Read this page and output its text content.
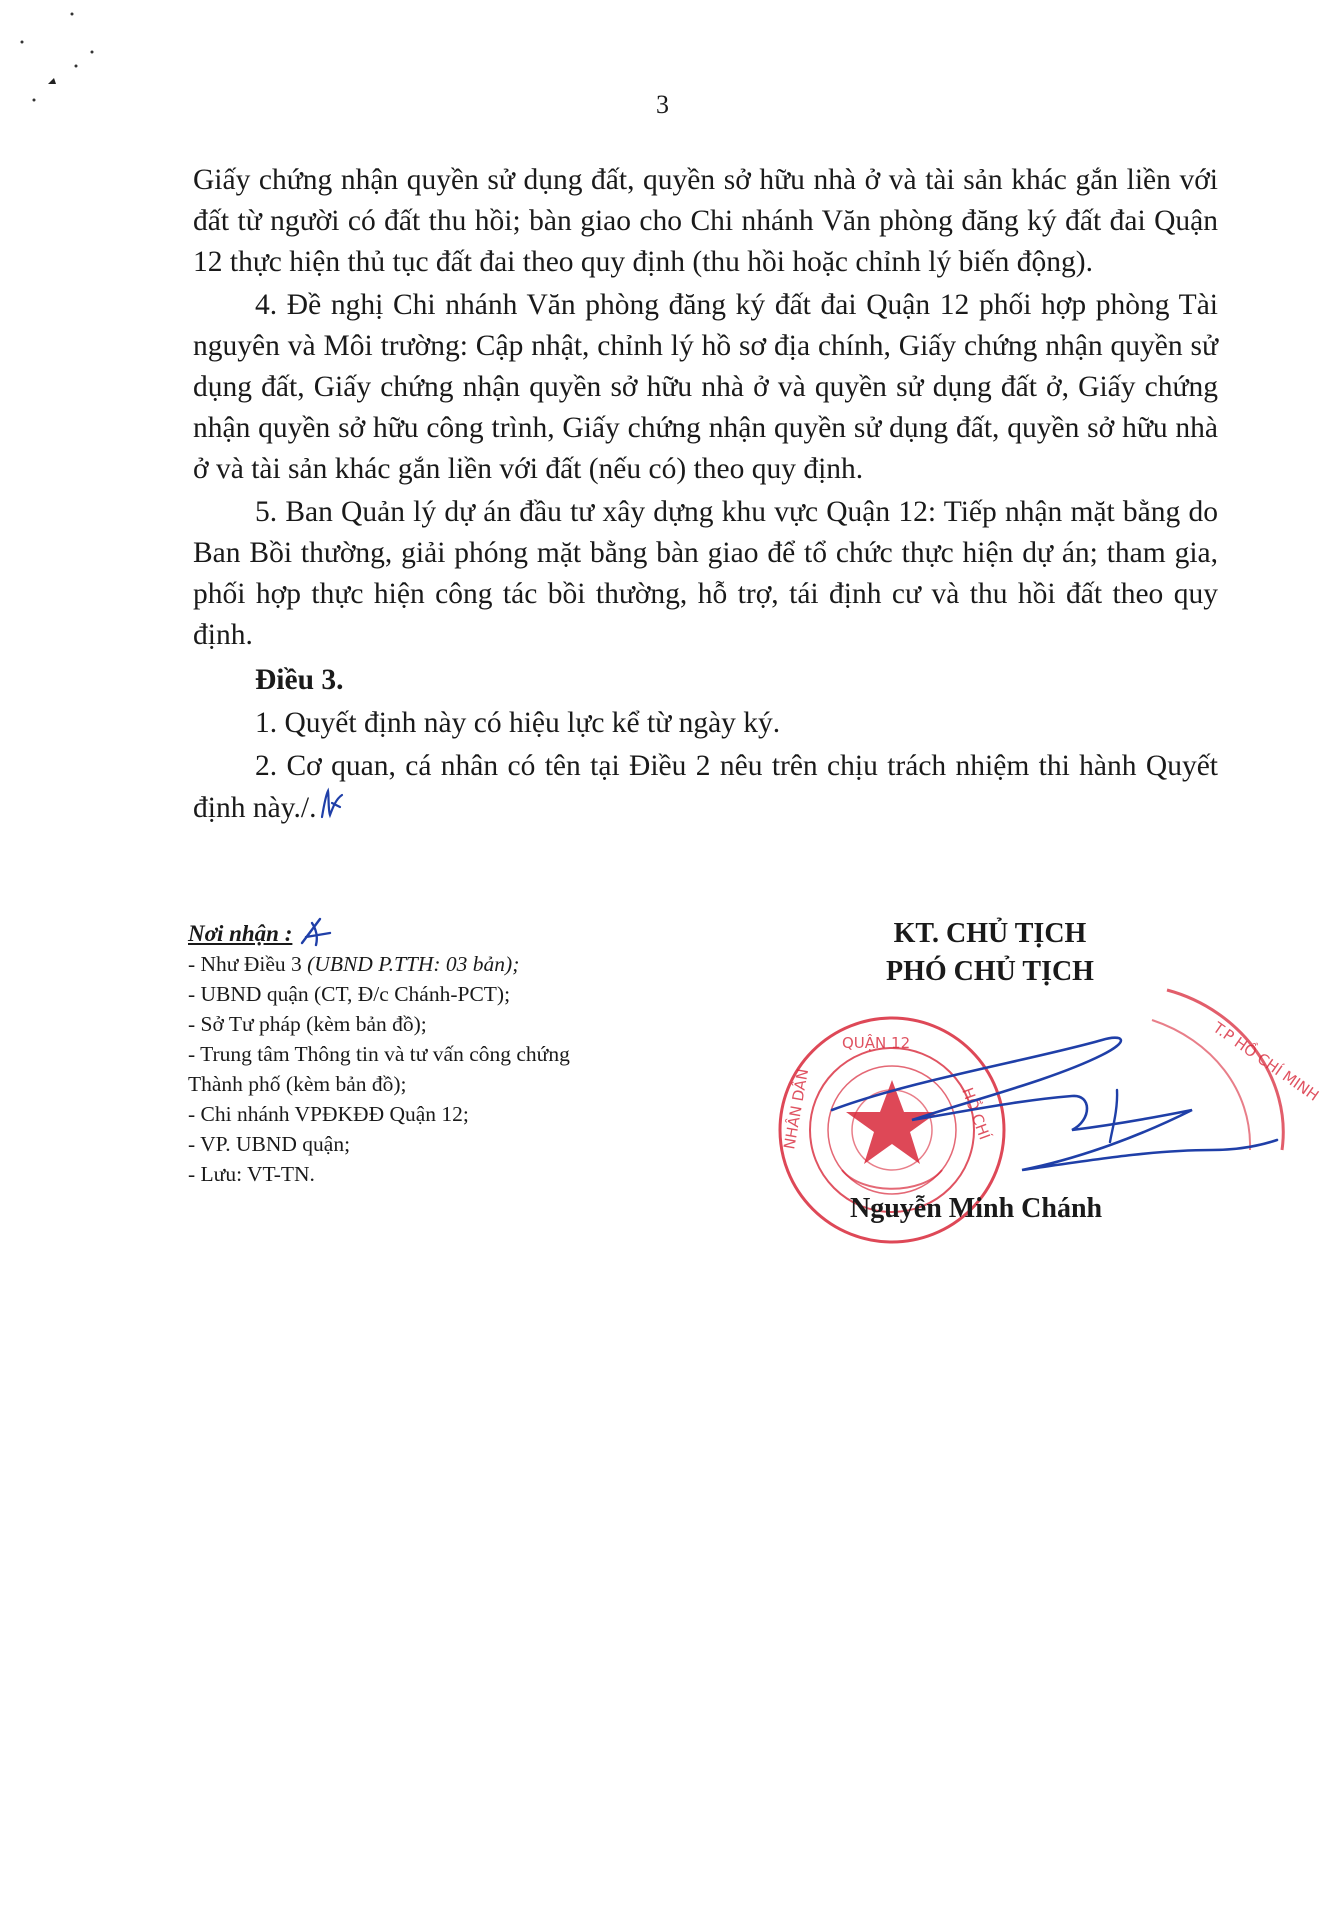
3

Giấy chứng nhận quyền sử dụng đất, quyền sở hữu nhà ở và tài sản khác gắn liền với đất từ người có đất thu hồi; bàn giao cho Chi nhánh Văn phòng đăng ký đất đai Quận 12 thực hiện thủ tục đất đai theo quy định (thu hồi hoặc chỉnh lý biến động).

4. Đề nghị Chi nhánh Văn phòng đăng ký đất đai Quận 12 phối hợp phòng Tài nguyên và Môi trường: Cập nhật, chỉnh lý hồ sơ địa chính, Giấy chứng nhận quyền sử dụng đất, Giấy chứng nhận quyền sở hữu nhà ở và quyền sử dụng đất ở, Giấy chứng nhận quyền sở hữu công trình, Giấy chứng nhận quyền sử dụng đất, quyền sở hữu nhà ở và tài sản khác gắn liền với đất (nếu có) theo quy định.

5. Ban Quản lý dự án đầu tư xây dựng khu vực Quận 12: Tiếp nhận mặt bằng do Ban Bồi thường, giải phóng mặt bằng bàn giao để tổ chức thực hiện dự án; tham gia, phối hợp thực hiện công tác bồi thường, hỗ trợ, tái định cư và thu hồi đất theo quy định.

Điều 3.

1. Quyết định này có hiệu lực kể từ ngày ký.

2. Cơ quan, cá nhân có tên tại Điều 2 nêu trên chịu trách nhiệm thi hành Quyết định này./.

Nơi nhận :
- Như Điều 3 (UBND P.TTH: 03 bản);
- UBND quận (CT, Đ/c Chánh-PCT);
- Sở Tư pháp (kèm bản đồ);
- Trung tâm Thông tin và tư vấn công chứng Thành phố (kèm bản đồ);
- Chi nhánh VPĐKĐĐ Quận 12;
- VP. UBND quận;
- Lưu: VT-TN.
KT. CHỦ TỊCH
PHÓ CHỦ TỊCH
QUẬN 12
NHÂN DÂN	HỒ CHÍ
T.P HỒ CHÍ MINH
Nguyễn Minh Chánh
